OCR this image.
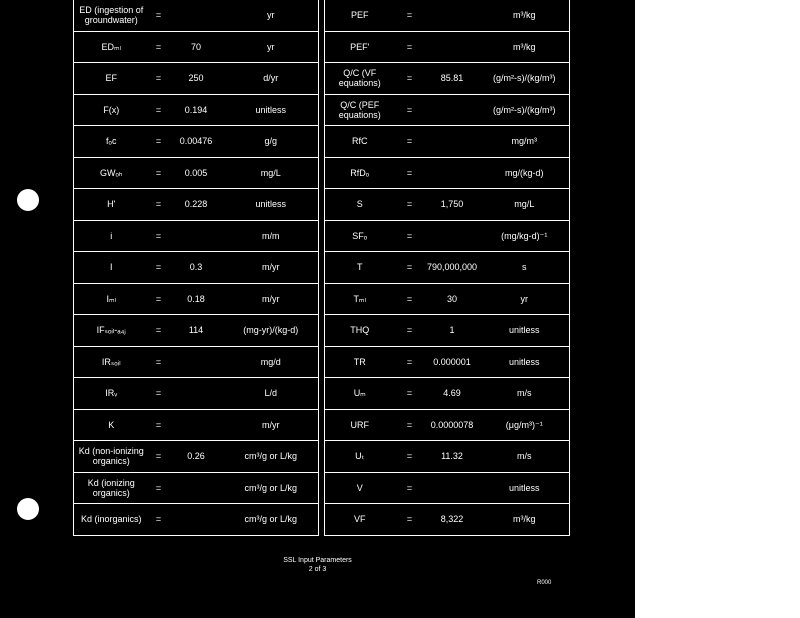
ED (ingestion of groundwater)	=		yr		PEF	=		m³/kg
EDₘₗ	=	70	yr		PEF'	=		m³/kg
EF	=	250	d/yr		Q/C (VF equations)	=	85.81	(g/m²-s)/(kg/m³)
F(x)	=	0.194	unitless		Q/C (PEF equations)	=		(g/m²-s)/(kg/m³)
fₒc	=	0.00476	g/g		RfC	=		mg/m³
GWₒₕ	=	0.005	mg/L		RfDₒ	=		mg/(kg-d)
H'	=	0.228	unitless		S	=	1,750	mg/L
i	=		m/m		SFₒ	=		(mg/kg-d)⁻¹
I	=	0.3	m/yr		T	=	790,000,000	s
Iₘₗ	=	0.18	m/yr		Tₘₗ	=	30	yr
IFₛₒᵢₗ-ₐ₄ⱼ	=	114	(mg-yr)/(kg-d)		THQ	=	1	unitless
IRₛₒᵢₗ	=		mg/d		TR	=	0.000001	unitless
IRᵥ	=		L/d		Uₘ	=	4.69	m/s
K	=		m/yr		URF	=	0.0000078	(μg/m³)⁻¹
Kd (non-ionizing organics)	=	0.26	cm³/g or L/kg		Uₜ	=	11.32	m/s
Kd (ionizing organics)	=		cm³/g or L/kg		V	=		unitless
Kd (inorganics)	=		cm³/g or L/kg		VF	=	8,322	m³/kg
SSL Input Parameters
2 of 3
R000
